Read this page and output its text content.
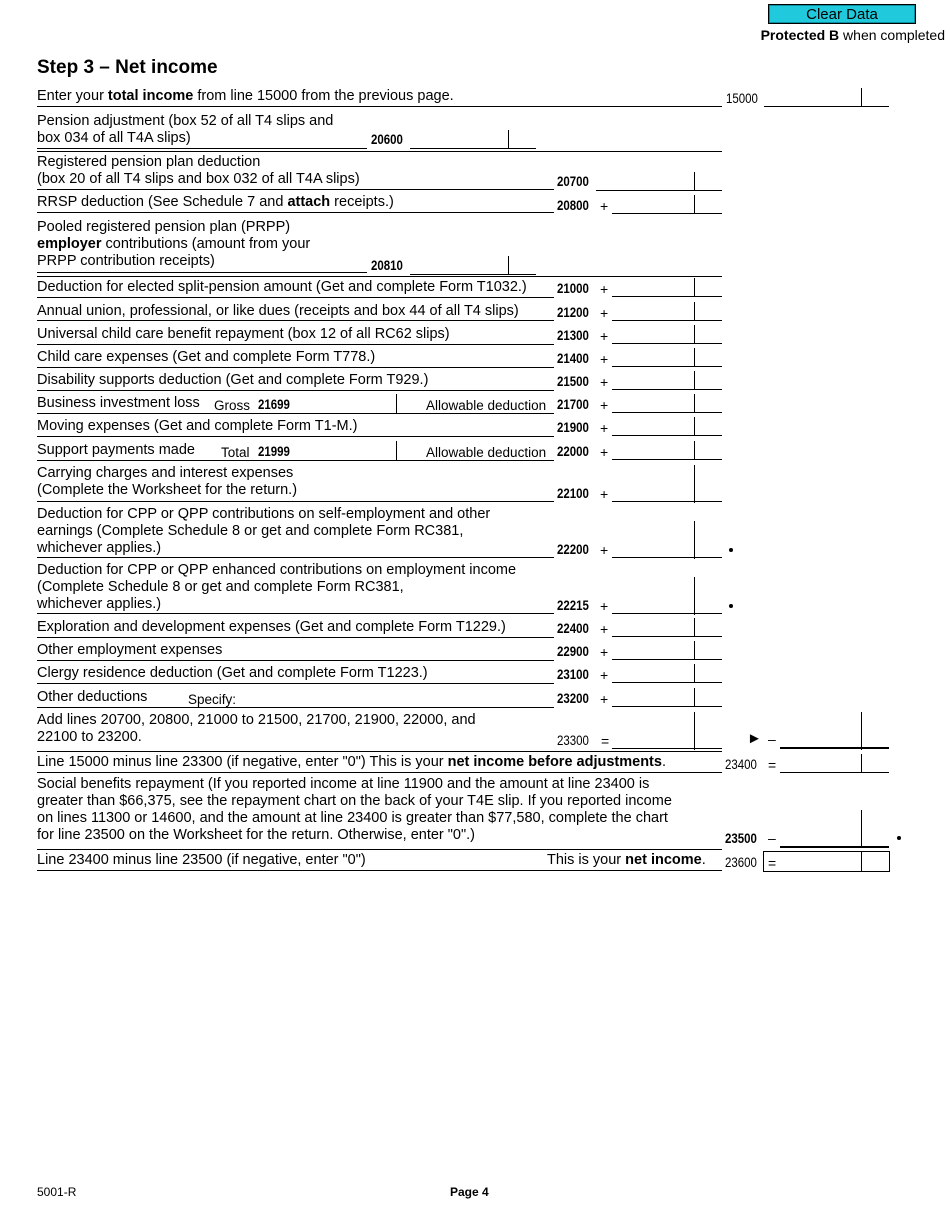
Clear Data
Protected B when completed
Step 3 – Net income
Enter your total income from line 15000 from the previous page.	15000
Pension adjustment (box 52 of all T4 slips and
box 034 of all T4A slips)	20600
Registered pension plan deduction
(box 20 of all T4 slips and box 032 of all T4A slips)	20700
RRSP deduction (See Schedule 7 and attach receipts.)	20800 +
Pooled registered pension plan (PRPP)
employer contributions (amount from your
PRPP contribution receipts)	20810
Deduction for elected split-pension amount (Get and complete Form T1032.) 21000 +
Annual union, professional, or like dues (receipts and box 44 of all T4 slips)	21200 +
Universal child care benefit repayment (box 12 of all RC62 slips)	21300 +
Child care expenses (Get and complete Form T778.)	21400 +
Disability supports deduction (Get and complete Form T929.)	21500 +
Business investment loss Gross 21699	Allowable deduction 21700 +
Moving expenses (Get and complete Form T1-M.)	21900 +
Support payments made Total 21999	Allowable deduction 22000 +
Carrying charges and interest expenses
(Complete the Worksheet for the return.)	22100 +
Deduction for CPP or QPP contributions on self-employment and other
earnings (Complete Schedule 8 or get and complete Form RC381,
whichever applies.)	22200 +
Deduction for CPP or QPP enhanced contributions on employment income
(Complete Schedule 8 or get and complete Form RC381,
whichever applies.)	22215 +
Exploration and development expenses (Get and complete Form T1229.)	22400 +
Other employment expenses	22900 +
Clergy residence deduction (Get and complete Form T1223.)	23100 +
Other deductions	Specify:	23200 +
Add lines 20700, 20800, 21000 to 21500, 21700, 21900, 22000, and
22100 to 23200.	23300 =	► –
Line 15000 minus line 23300 (if negative, enter "0") This is your net income before adjustments.	23400 =
Social benefits repayment (If you reported income at line 11900 and the amount at line 23400 is
greater than $66,375, see the repayment chart on the back of your T4E slip. If you reported income
on lines 11300 or 14600, and the amount at line 23400 is greater than $77,580, complete the chart
for line 23500 on the Worksheet for the return. Otherwise, enter "0".)	23500 –
Line 23400 minus line 23500 (if negative, enter "0")	This is your net income. 23600 =
5001-R	Page 4
